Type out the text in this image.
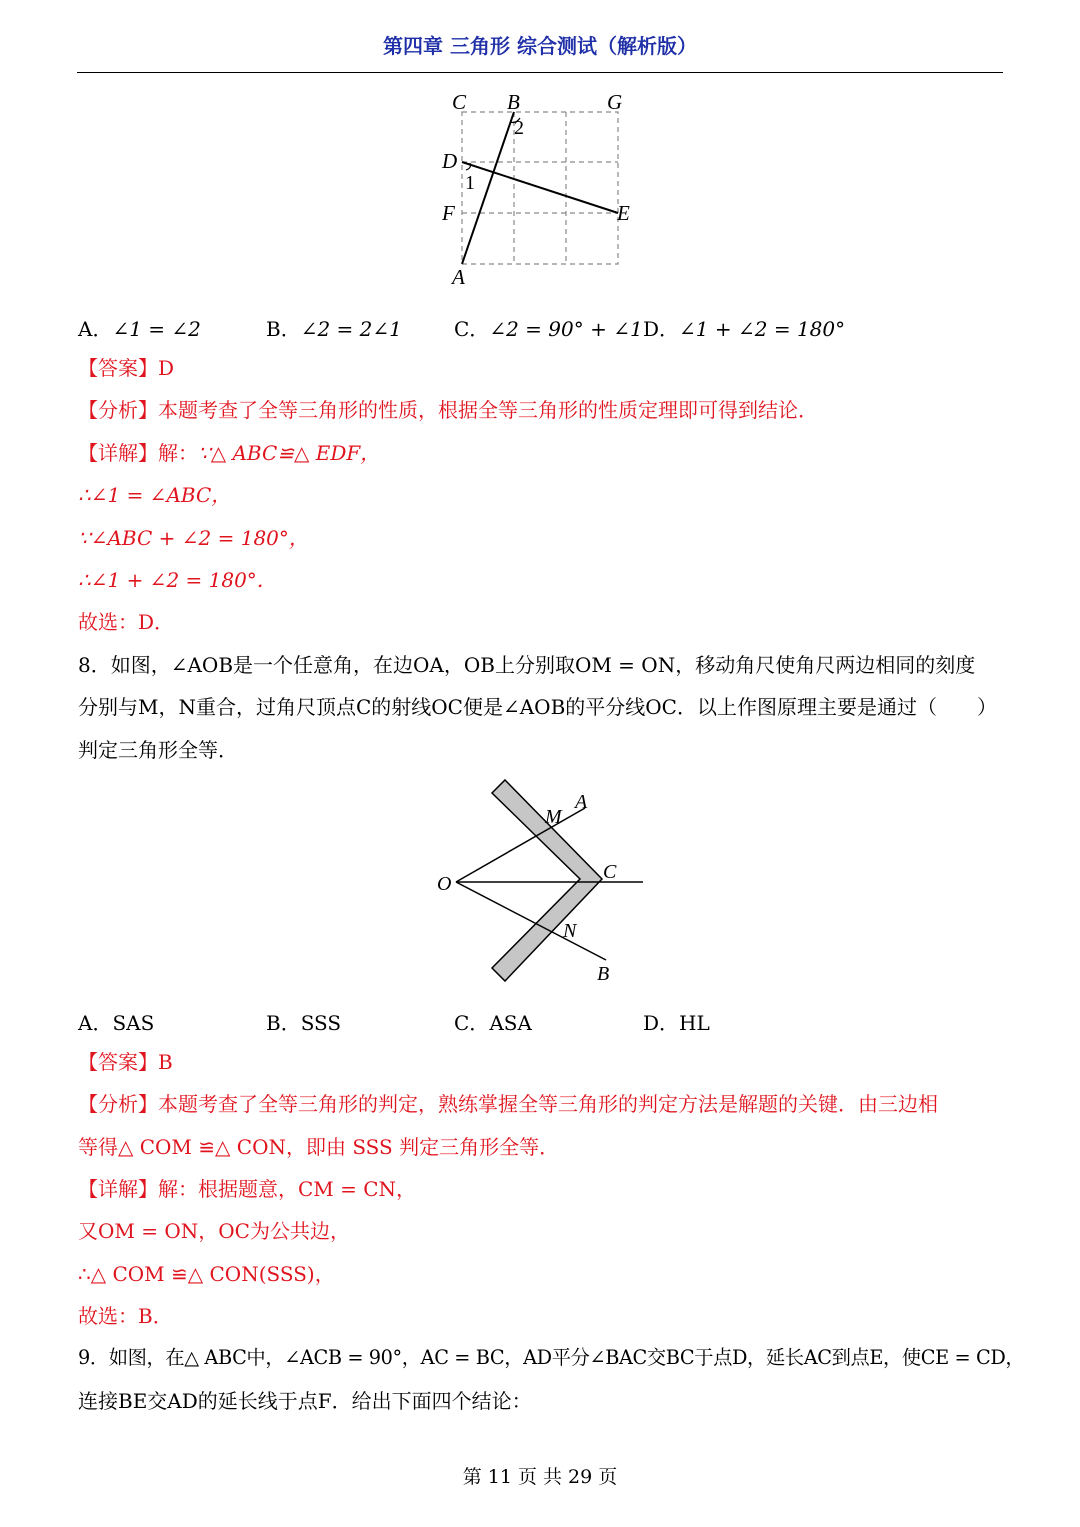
第四章 三角形 综合测试（解析版）
C B	G
D
F	E
A
1
2
A．∠1 = ∠2	B．∠2 = 2∠1	C．∠2 = 90° + ∠1 D．∠1 + ∠2 = 180°
【答案】D
【分析】本题考查了全等三角形的性质，根据全等三角形的性质定理即可得到结论．
【详解】解：∵△ ABC≌△ EDF，
∴∠1 = ∠ABC，
∵∠ABC + ∠2 = 180°，
∴∠1 + ∠2 = 180°．
故选：D．
8．如图，∠AOB是一个任意角，在边OA，OB上分别取OM = ON，移动角尺使角尺两边相同的刻度
分别与M，N重合，过角尺顶点C的射线OC便是∠AOB的平分线OC．以上作图原理主要是通过（　　）
判定三角形全等．
O
A
M
C
N
B
A．SAS	B．SSS	C．ASA	D．HL
【答案】B
【分析】本题考查了全等三角形的判定，熟练掌握全等三角形的判定方法是解题的关键．由三边相
等得△ COM ≌△ CON，即由 SSS 判定三角形全等．
【详解】解：根据题意，CM = CN，
又OM = ON，OC为公共边，
∴△ COM ≌△ CON(SSS)，
故选：B．
9．如图，在△ ABC中，∠ACB = 90°，AC = BC，AD平分∠BAC交BC于点D，延长AC到点E，使CE = CD，
连接BE交AD的延长线于点F．给出下面四个结论：
第 11 页 共 29 页
